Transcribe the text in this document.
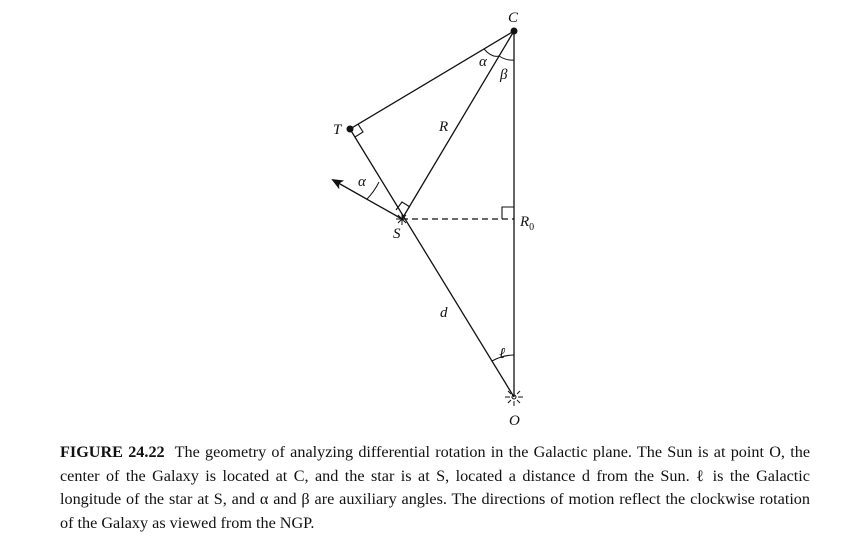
C
T
S
O
R
$R_0$
d
α
β
α
ℓ
FIGURE 24.22 The geometry of analyzing differential rotation in the Galactic plane. The Sun is at point O, the center of the Galaxy is located at C, and the star is at S, located a distance d from the Sun. ℓ is the Galactic longitude of the star at S, and α and β are auxiliary angles. The directions of motion reflect the clockwise rotation of the Galaxy as viewed from the NGP.
